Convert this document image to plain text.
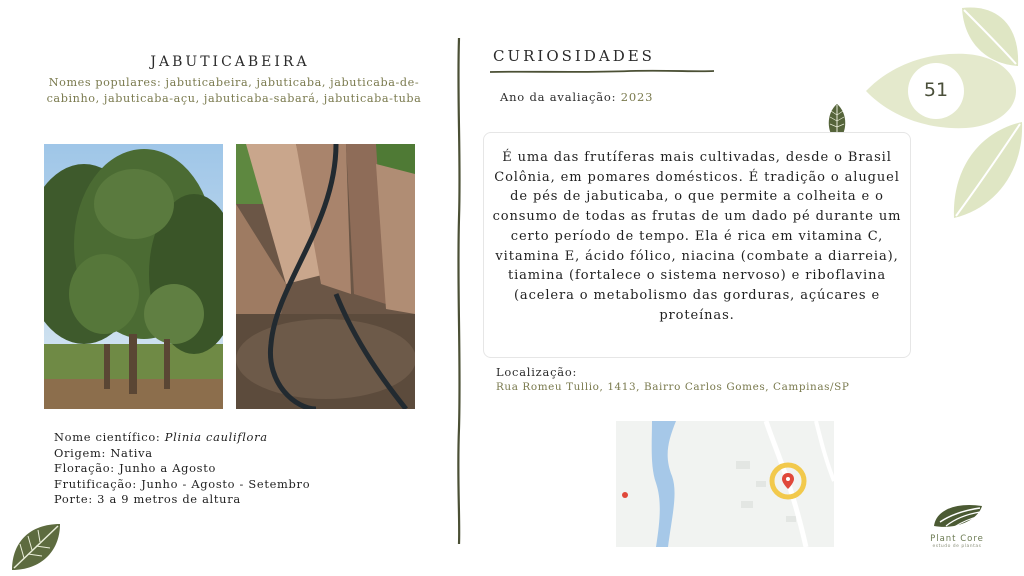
51
JABUTICABEIRA
Nomes populares: jabuticabeira, jabuticaba, jabuticaba-de-cabinho, jabuticaba-açu, jabuticaba-sabará, jabuticaba-tuba
Nome científico: Plinia cauliflora
Origem: Nativa
Floração: Junho a Agosto
Frutificação: Junho - Agosto - Setembro
Porte: 3 a 9 metros de altura
CURIOSIDADES
Ano da avaliação: 2023
É uma das frutíferas mais cultivadas, desde o Brasil Colônia, em pomares domésticos. É tradição o aluguel de pés de jabuticaba, o que permite a colheita e o consumo de todas as frutas de um dado pé durante um certo período de tempo. Ela é rica em vitamina C, vitamina E, ácido fólico, niacina (combate a diarreia), tiamina (fortalece o sistema nervoso) e riboflavina (acelera o metabolismo das gorduras, açúcares e proteínas.
Localização:
Rua Romeu Tullio, 1413, Bairro Carlos Gomes, Campinas/SP
Plant Core
estudo de plantas
